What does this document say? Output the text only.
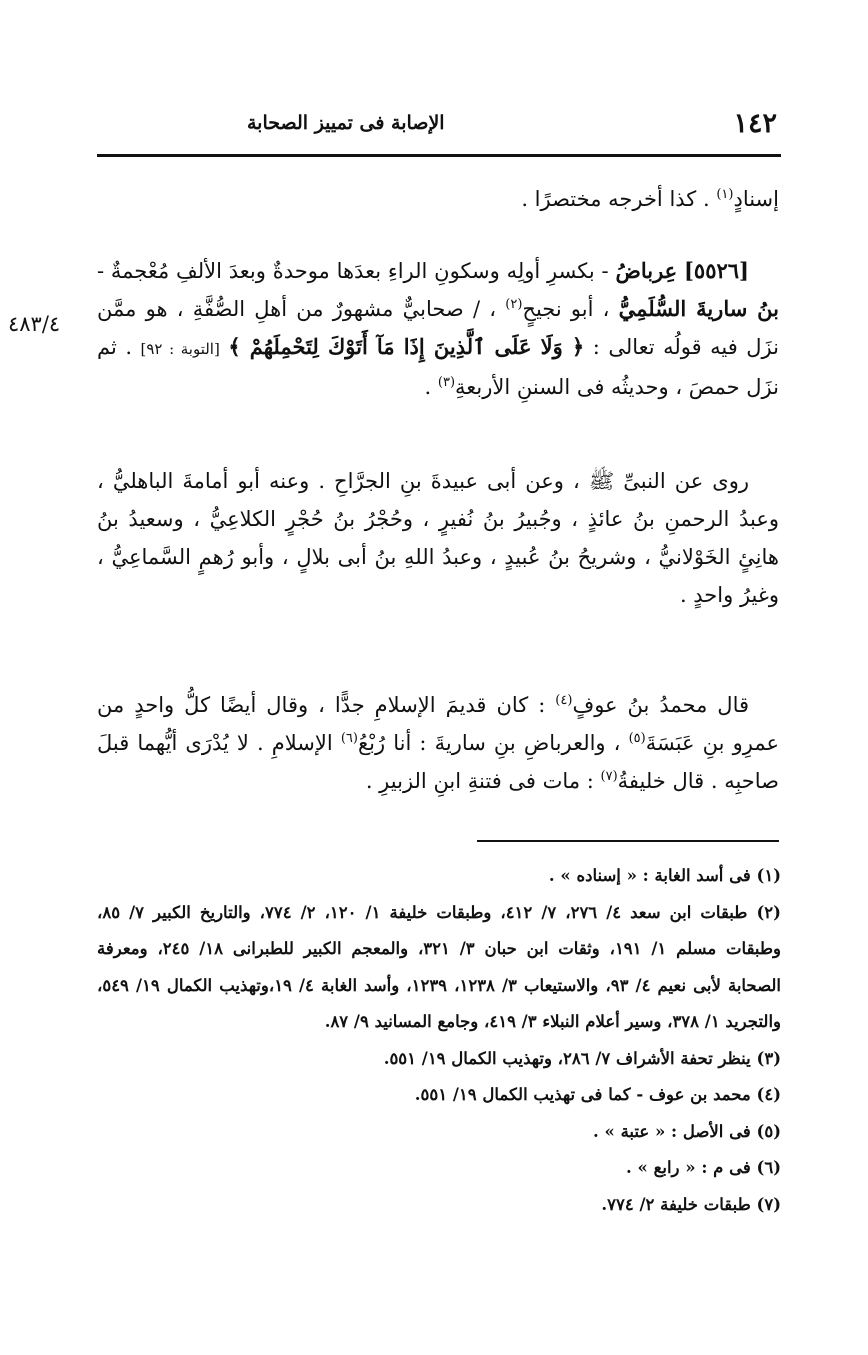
١٤٢
الإصابة فى تمييز الصحابة
٤٨٣/٤

إسنادٍ$^{(١)}$ . كذا أخرجه مختصرًا .

[٥٥٢٦] عِرباضُ - بكسرِ أولِه وسكونِ الراءِ بعدَها موحدةٌ وبعدَ الألفِ مُعْجمةٌ - بنُ ساريةَ السُّلَمِيُّ ، أبو نجيحٍ$^{(٢)}$ ، / صحابيٌّ مشهورٌ من أهلِ الصُّفَّةِ ، هو ممَّن نزَل فيه قولُه تعالى : ﴿ وَلَا عَلَى ٱلَّذِينَ إِذَا مَآ أَتَوْكَ لِتَحْمِلَهُمْ ﴾ [التوبة : ٩٢] . ثم نزَل حمصَ ، وحديثُه فى السننِ الأربعةِ$^{(٣)}$ .

روى عن النبىِّ ﷺ ، وعن أبى عبيدةَ بنِ الجرَّاحِ . وعنه أبو أمامةَ الباهليُّ ، وعبدُ الرحمنِ بنُ عائذٍ ، وجُبيرُ بنُ نُفيرٍ ، وحُجْرُ بنُ حُجْرٍ الكلاعِيُّ ، وسعيدُ بنُ هانِئٍ الخَوْلانيُّ ، وشريحُ بنُ عُبيدٍ ، وعبدُ اللهِ بنُ أبى بلالٍ ، وأبو رُهمٍ السَّماعِيُّ ، وغيرُ واحدٍ .

قال محمدُ بنُ عوفٍ$^{(٤)}$ : كان قديمَ الإسلامِ جدًّا ، وقال أيضًا كلُّ واحدٍ من عمرِو بنِ عَبَسَةَ$^{(٥)}$ ، والعرباضِ بنِ ساريةَ : أنا رُبْعُ$^{(٦)}$ الإسلامِ . لا يُدْرَى أيُّهما قبلَ صاحبِه . قال خليفةُ$^{(٧)}$ : مات فى فتنةِ ابنِ الزبيرِ .

(١) فى أسد الغابة : « إسناده » .

(٢) طبقات ابن سعد ٤/ ٢٧٦، ٧/ ٤١٢، وطبقات خليفة ١/ ١٢٠، ٢/ ٧٧٤، والتاريخ الكبير ٧/ ٨٥، وطبقات مسلم ١/ ١٩١، وثقات ابن حبان ٣/ ٣٢١، والمعجم الكبير للطبرانى ١٨/ ٢٤٥، ومعرفة الصحابة لأبى نعيم ٤/ ٩٣، والاستيعاب ٣/ ١٢٣٨، ١٢٣٩، وأسد الغابة ٤/ ١٩،وتهذيب الكمال ١٩/ ٥٤٩، والتجريد ١/ ٣٧٨، وسير أعلام النبلاء ٣/ ٤١٩، وجامع المسانيد ٩/ ٨٧.

(٣) ينظر تحفة الأشراف ٧/ ٢٨٦، وتهذيب الكمال ١٩/ ٥٥١.

(٤) محمد بن عوف - كما فى تهذيب الكمال ١٩/ ٥٥١.

(٥) فى الأصل : « عتبة » .

(٦) فى م : « رابع » .

(٧) طبقات خليفة ٢/ ٧٧٤.
